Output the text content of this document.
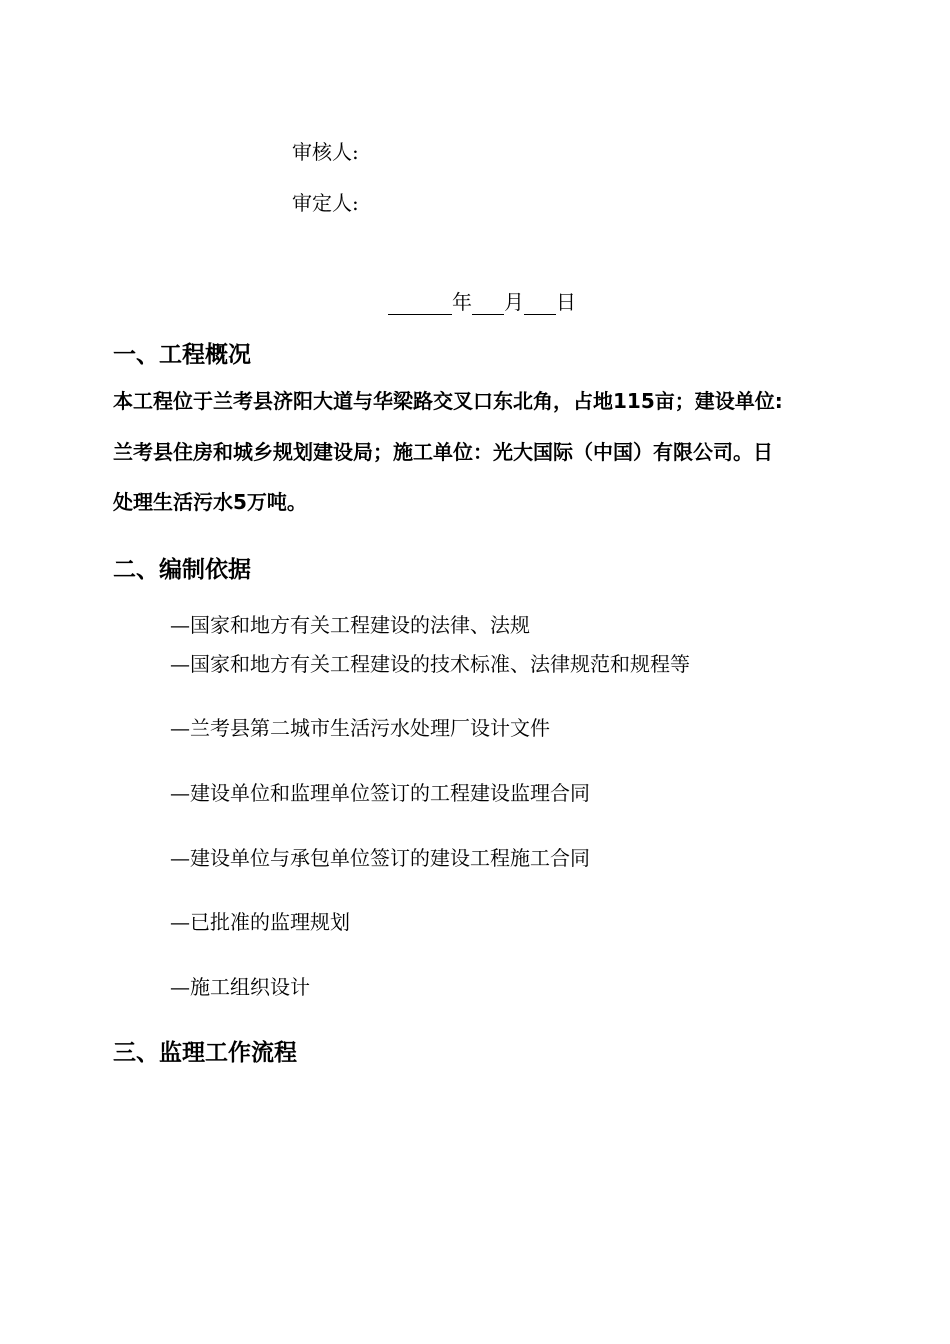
审核人:
审定人:
年 月 日
一、工程概况
本工程位于兰考县济阳大道与华梁路交叉口东北角，占地115亩；建设单位:
兰考县住房和城乡规划建设局；施工单位：光大国际（中国）有限公司。日
处理生活污水5万吨。
二、编制依据
—国家和地方有关工程建设的法律、法规
—国家和地方有关工程建设的技术标准、法律规范和规程等
—兰考县第二城市生活污水处理厂设计文件
—建设单位和监理单位签订的工程建设监理合同
—建设单位与承包单位签订的建设工程施工合同
—已批准的监理规划
—施工组织设计
三、监理工作流程
